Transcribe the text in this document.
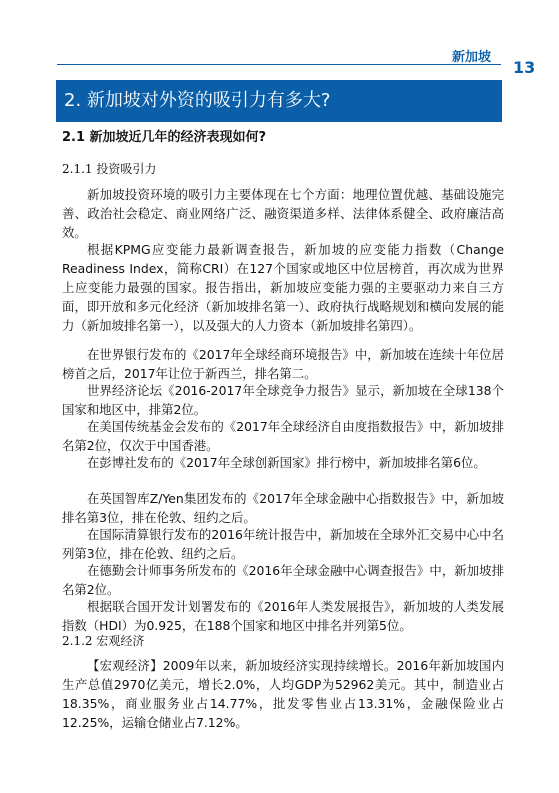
新加坡
13
2. 新加坡对外资的吸引力有多大?
2.1 新加坡近几年的经济表现如何?
2.1.1 投资吸引力

新加坡投资环境的吸引力主要体现在七个方面：地理位置优越、基础设施完善、政治社会稳定、商业网络广泛、融资渠道多样、法律体系健全、政府廉洁高效。

根据KPMG应变能力最新调查报告，新加坡的应变能力指数（Change Readiness Index，简称CRI）在127个国家或地区中位居榜首，再次成为世界上应变能力最强的国家。报告指出，新加坡应变能力强的主要驱动力来自三方面，即开放和多元化经济（新加坡排名第一）、政府执行战略规划和横向发展的能力（新加坡排名第一），以及强大的人力资本（新加坡排名第四）。

在世界银行发布的《2017年全球经商环境报告》中，新加坡在连续十年位居榜首之后，2017年让位于新西兰，排名第二。

世界经济论坛《2016-2017年全球竞争力报告》显示，新加坡在全球138个国家和地区中，排第2位。

在美国传统基金会发布的《2017年全球经济自由度指数报告》中，新加坡排名第2位，仅次于中国香港。

在彭博社发布的《2017年全球创新国家》排行榜中，新加坡排名第6位。

在英国智库Z/Yen集团发布的《2017年全球金融中心指数报告》中，新加坡排名第3位，排在伦敦、纽约之后。

在国际清算银行发布的2016年统计报告中，新加坡在全球外汇交易中心中名列第3位，排在伦敦、纽约之后。

在德勤会计师事务所发布的《2016年全球金融中心调查报告》中，新加坡排名第2位。

根据联合国开发计划署发布的《2016年人类发展报告》，新加坡的人类发展指数（HDI）为0.925，在188个国家和地区中排名并列第5位。

2.1.2 宏观经济

【宏观经济】2009年以来，新加坡经济实现持续增长。2016年新加坡国内生产总值2970亿美元，增长2.0%，人均GDP为52962美元。其中，制造业占18.35%，商业服务业占14.77%，批发零售业占13.31%，金融保险业占12.25%，运输仓储业占7.12%。
